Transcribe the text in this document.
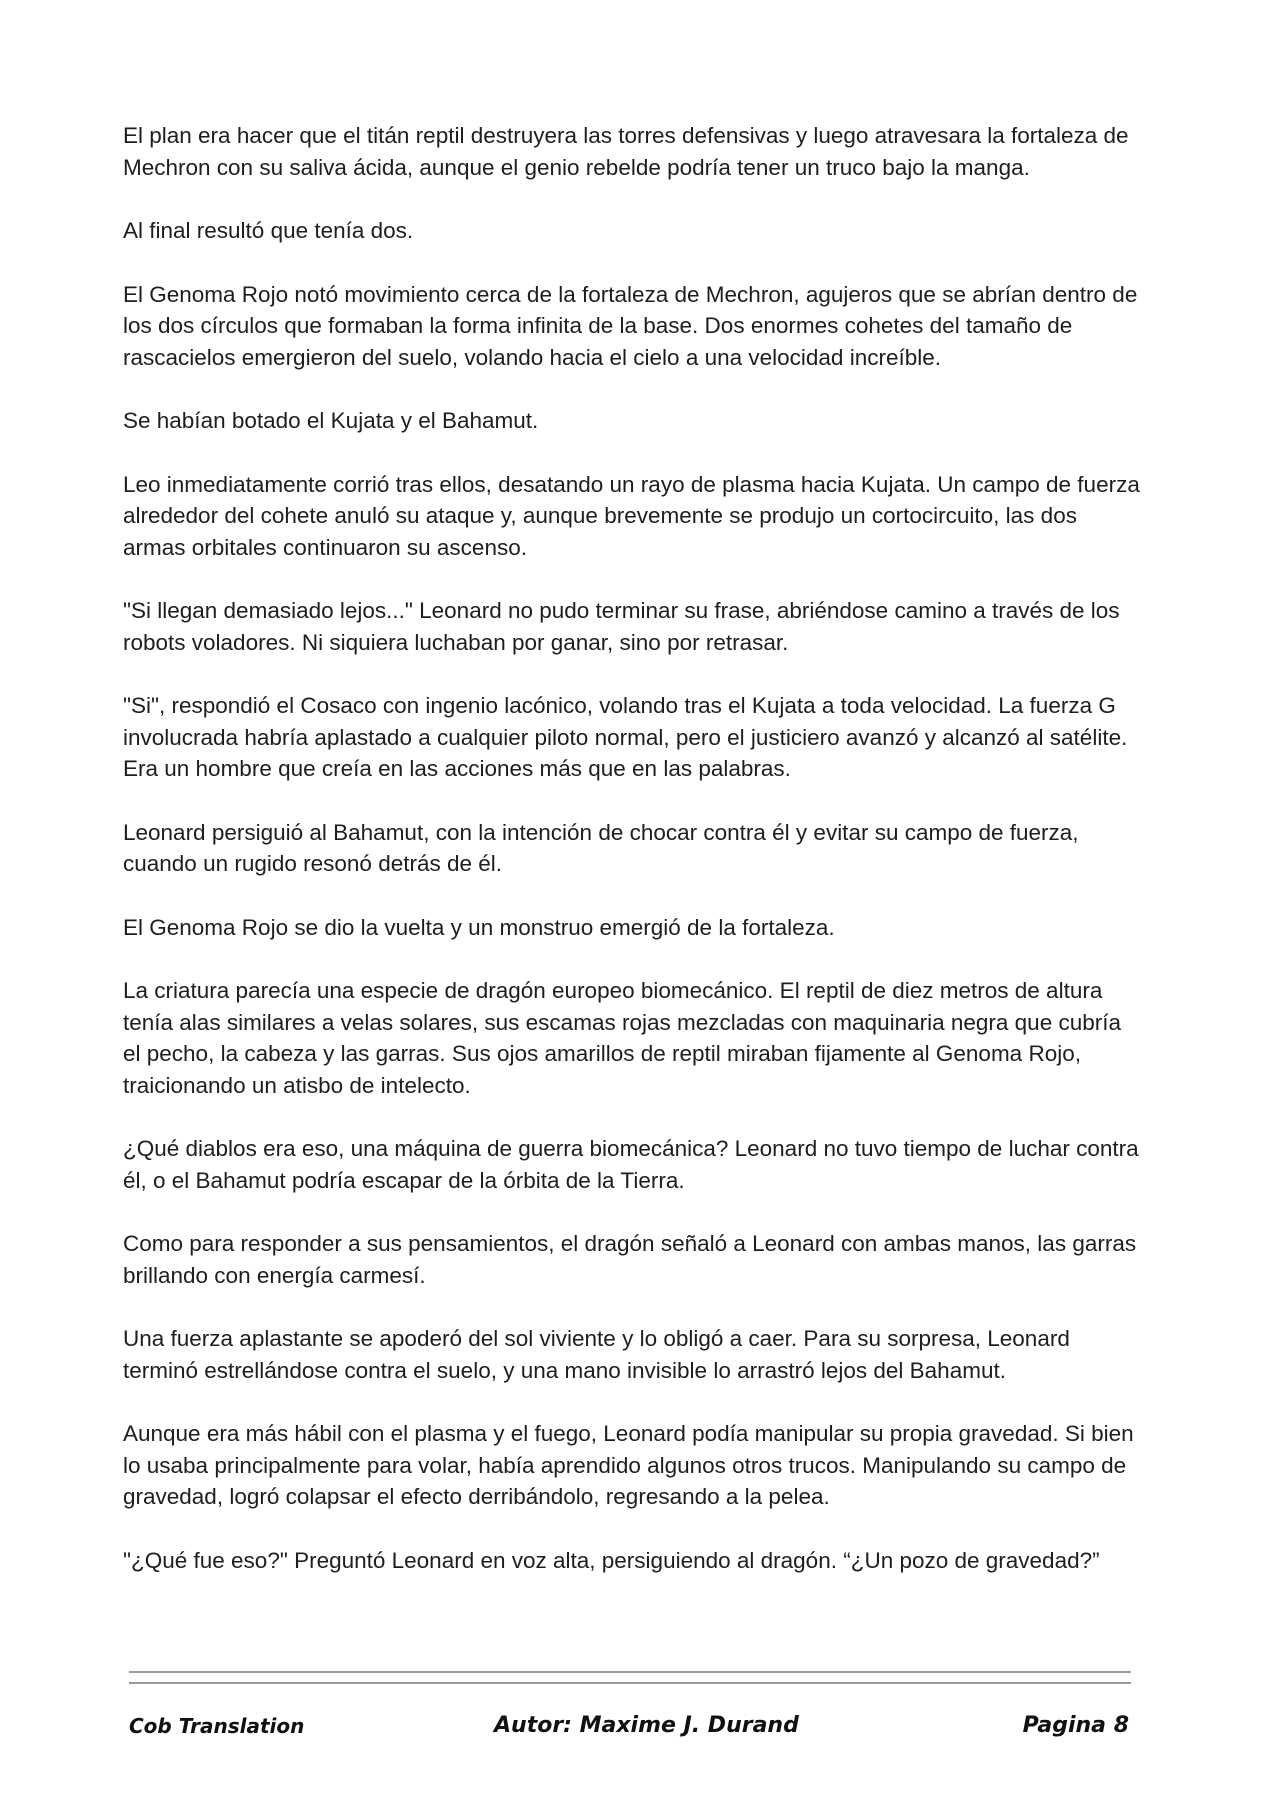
El plan era hacer que el titán reptil destruyera las torres defensivas y luego atravesara la fortaleza de Mechron con su saliva ácida, aunque el genio rebelde podría tener un truco bajo la manga.

Al final resultó que tenía dos.

El Genoma Rojo notó movimiento cerca de la fortaleza de Mechron, agujeros que se abrían dentro de los dos círculos que formaban la forma infinita de la base. Dos enormes cohetes del tamaño de rascacielos emergieron del suelo, volando hacia el cielo a una velocidad increíble.

Se habían botado el Kujata y el Bahamut.

Leo inmediatamente corrió tras ellos, desatando un rayo de plasma hacia Kujata. Un campo de fuerza alrededor del cohete anuló su ataque y, aunque brevemente se produjo un cortocircuito, las dos armas orbitales continuaron su ascenso.

"Si llegan demasiado lejos..." Leonard no pudo terminar su frase, abriéndose camino a través de los robots voladores. Ni siquiera luchaban por ganar, sino por retrasar.

"Si", respondió el Cosaco con ingenio lacónico, volando tras el Kujata a toda velocidad. La fuerza G involucrada habría aplastado a cualquier piloto normal, pero el justiciero avanzó y alcanzó al satélite. Era un hombre que creía en las acciones más que en las palabras.

Leonard persiguió al Bahamut, con la intención de chocar contra él y evitar su campo de fuerza, cuando un rugido resonó detrás de él.

El Genoma Rojo se dio la vuelta y un monstruo emergió de la fortaleza.

La criatura parecía una especie de dragón europeo biomecánico. El reptil de diez metros de altura tenía alas similares a velas solares, sus escamas rojas mezcladas con maquinaria negra que cubría el pecho, la cabeza y las garras. Sus ojos amarillos de reptil miraban fijamente al Genoma Rojo, traicionando un atisbo de intelecto.

¿Qué diablos era eso, una máquina de guerra biomecánica? Leonard no tuvo tiempo de luchar contra él, o el Bahamut podría escapar de la órbita de la Tierra.

Como para responder a sus pensamientos, el dragón señaló a Leonard con ambas manos, las garras brillando con energía carmesí.

Una fuerza aplastante se apoderó del sol viviente y lo obligó a caer. Para su sorpresa, Leonard terminó estrellándose contra el suelo, y una mano invisible lo arrastró lejos del Bahamut.

Aunque era más hábil con el plasma y el fuego, Leonard podía manipular su propia gravedad. Si bien lo usaba principalmente para volar, había aprendido algunos otros trucos. Manipulando su campo de gravedad, logró colapsar el efecto derribándolo, regresando a la pelea.

"¿Qué fue eso?" Preguntó Leonard en voz alta, persiguiendo al dragón. “¿Un pozo de gravedad?”

Cob Translation	Autor: Maxime J. Durand	Pagina 8
